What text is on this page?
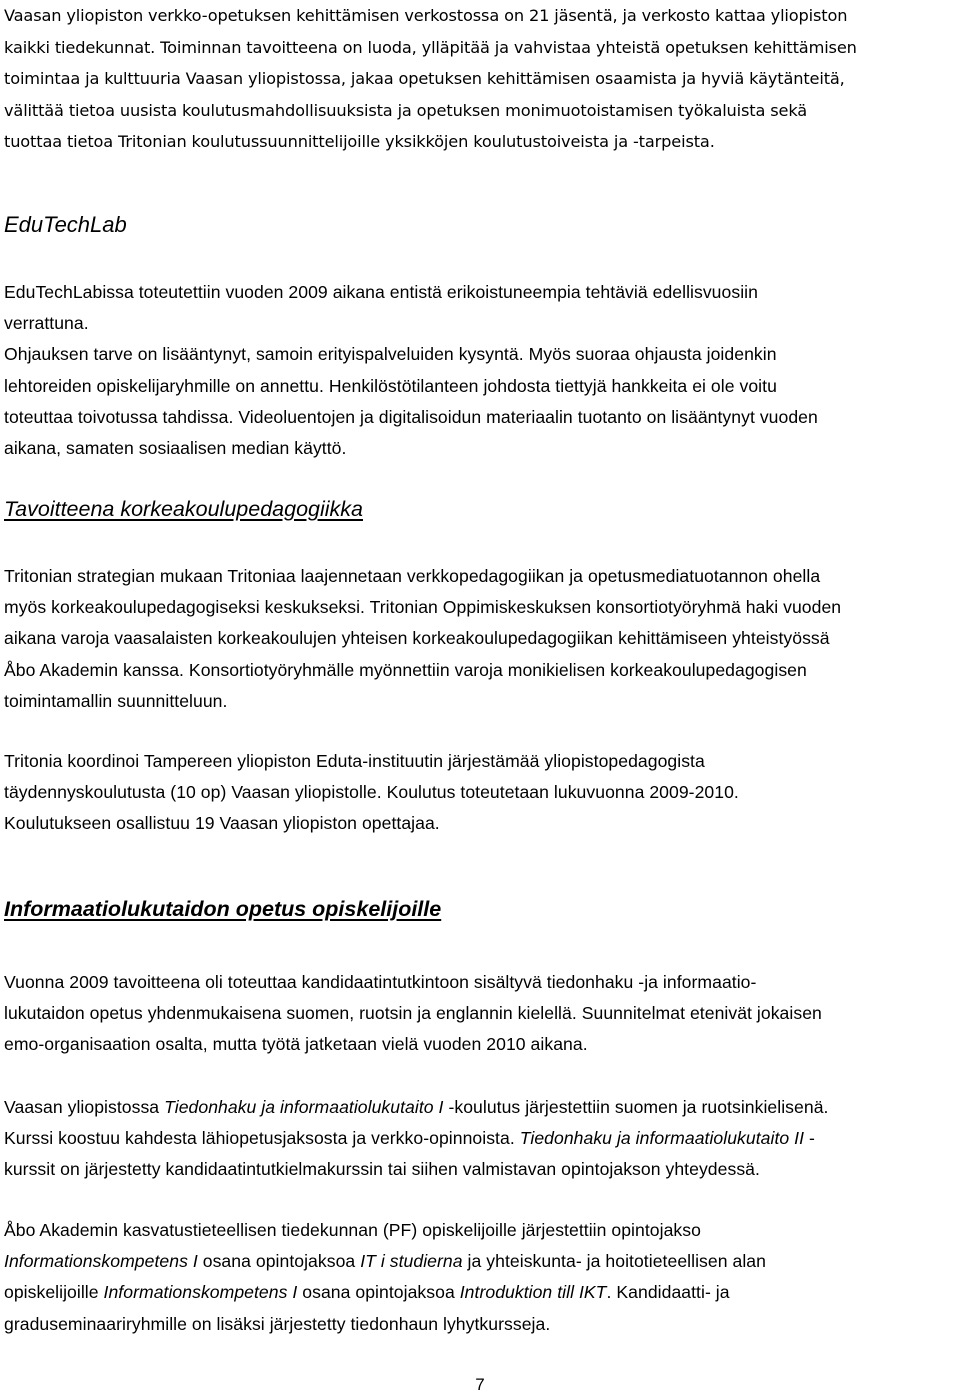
Vaasan yliopiston verkko-opetuksen kehittämisen verkostossa on 21 jäsentä, ja verkosto kattaa yliopiston
kaikki tiedekunnat. Toiminnan tavoitteena on luoda, ylläpitää ja vahvistaa yhteistä opetuksen kehittämisen
toimintaa ja kulttuuria Vaasan yliopistossa, jakaa opetuksen kehittämisen osaamista ja hyviä käytänteitä,
välittää tietoa uusista koulutusmahdollisuuksista ja opetuksen monimuotoistamisen työkaluista sekä
tuottaa tietoa Tritonian koulutussuunnittelijoille yksikköjen koulutustoiveista ja -tarpeista.

EduTechLab

EduTechLabissa toteutettiin vuoden 2009 aikana entistä erikoistuneempia tehtäviä edellisvuosiin
verrattuna.
Ohjauksen tarve on lisääntynyt, samoin erityispalveluiden kysyntä. Myös suoraa ohjausta joidenkin
lehtoreiden opiskelijaryhmille on annettu. Henkilöstötilanteen johdosta tiettyjä hankkeita ei ole voitu
toteuttaa toivotussa tahdissa. Videoluentojen ja digitalisoidun materiaalin tuotanto on lisääntynyt vuoden
aikana, samaten sosiaalisen median käyttö.

Tavoitteena korkeakoulupedagogiikka

Tritonian strategian mukaan Tritoniaa laajennetaan verkkopedagogiikan ja opetusmediatuotannon ohella
myös korkeakoulupedagogiseksi keskukseksi. Tritonian Oppimiskeskuksen konsortiotyöryhmä haki vuoden
aikana varoja vaasalaisten korkeakoulujen yhteisen korkeakoulupedagogiikan kehittämiseen yhteistyössä
Åbo Akademin kanssa. Konsortiotyöryhmälle myönnettiin varoja monikielisen korkeakoulupedagogisen
toimintamallin suunnitteluun.

Tritonia koordinoi Tampereen yliopiston Eduta-instituutin järjestämää yliopistopedagogista
täydennyskoulutusta (10 op) Vaasan yliopistolle. Koulutus toteutetaan lukuvuonna 2009-2010.
Koulutukseen osallistuu 19 Vaasan yliopiston opettajaa.

Informaatiolukutaidon opetus opiskelijoille

Vuonna 2009 tavoitteena oli toteuttaa kandidaatintutkintoon sisältyvä tiedonhaku -ja informaatio-
lukutaidon opetus yhdenmukaisena suomen, ruotsin ja englannin kielellä. Suunnitelmat etenivät jokaisen
emo-organisaation osalta, mutta työtä jatketaan vielä vuoden 2010 aikana.

Vaasan yliopistossa Tiedonhaku ja informaatiolukutaito I -koulutus järjestettiin suomen ja ruotsinkielisenä.
Kurssi koostuu kahdesta lähiopetusjaksosta ja verkko-opinnoista. Tiedonhaku ja informaatiolukutaito II -
kurssit on järjestetty kandidaatintutkielmakurssin tai siihen valmistavan opintojakson yhteydessä.

Åbo Akademin kasvatustieteellisen tiedekunnan (PF) opiskelijoille järjestettiin opintojakso
Informationskompetens I osana opintojaksoa IT i studierna ja yhteiskunta- ja hoitotieteellisen alan
opiskelijoille Informationskompetens I osana opintojaksoa Introduktion till IKT. Kandidaatti- ja
graduseminaariryhmille on lisäksi järjestetty tiedonhaun lyhytkursseja.

7
